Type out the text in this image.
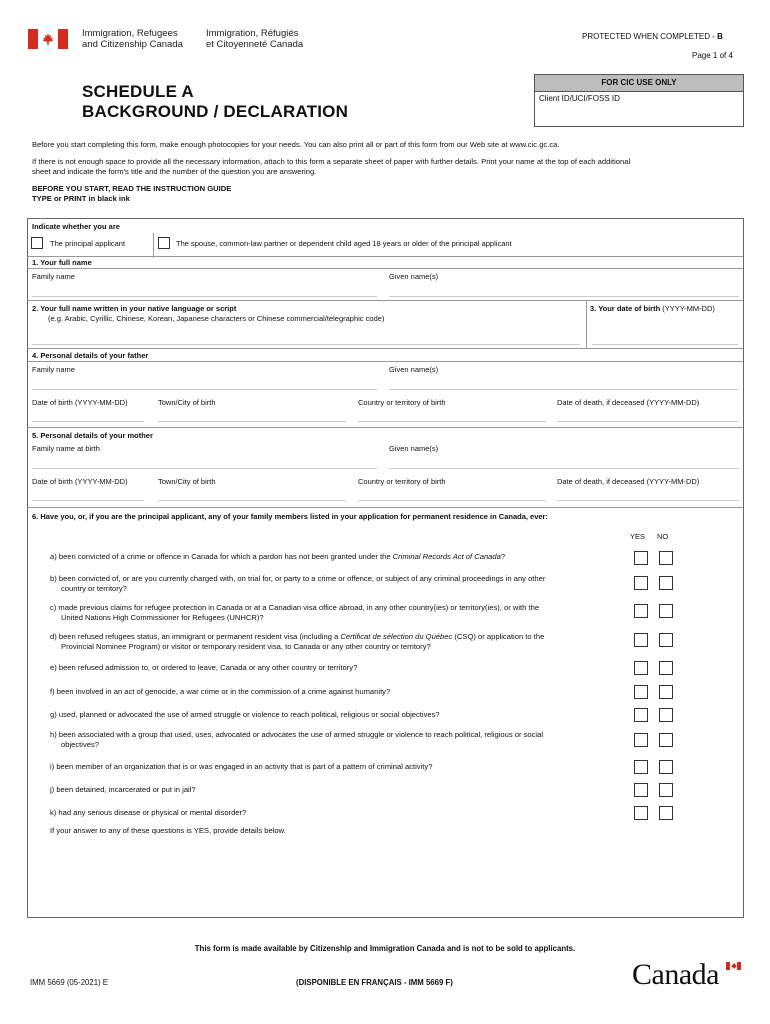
Immigration, Refugees
and Citizenship Canada
Immigration, Réfugiés
et Citoyenneté Canada
PROTECTED WHEN COMPLETED - B
Page 1 of 4
SCHEDULE A
BACKGROUND / DECLARATION
FOR CIC USE ONLY
Client ID/UCI/FOSS ID
Before you start completing this form, make enough photocopies for your needs. You can also print all or part of this form from our Web site at www.cic.gc.ca.
If there is not enough space to provide all the necessary information, attach to this form a separate sheet of paper with further details. Print your name at the top of each additional
sheet and indicate the form's title and the number of the question you are answering.
BEFORE YOU START, READ THE INSTRUCTION GUIDE
TYPE or PRINT in black ink
Indicate whether you are
The principal applicant	The spouse, common-law partner or dependent child aged 18 years or older of the principal applicant
1. Your full name
Family name	Given name(s)
2. Your full name written in your native language or script
(e.g. Arabic, Cyrillic, Chinese, Korean, Japanese characters or Chinese commercial/telegraphic code)
3. Your date of birth (YYYY-MM-DD)
4. Personal details of your father
Family name	Given name(s)
Date of birth (YYYY-MM-DD)	Town/City of birth	Country or territory of birth	Date of death, if deceased (YYYY-MM-DD)
5. Personal details of your mother
Family name at birth	Given name(s)
Date of birth (YYYY-MM-DD)	Town/City of birth	Country or territory of birth	Date of death, if deceased (YYYY-MM-DD)
6. Have you, or, if you are the principal applicant, any of your family members listed in your application for permanent residence in Canada, ever:
YES NO
a) been convicted of a crime or offence in Canada for which a pardon has not been granted under the Criminal Records Act of Canada?
b) been convicted of, or are you currently charged with, on trial for, or party to a crime or offence, or subject of any criminal proceedings in any other
country or territory?
c) made previous claims for refugee protection in Canada or at a Canadian visa office abroad, in any other country(ies) or territory(ies), or with the
United Nations High Commissioner for Refugees (UNHCR)?
d) been refused refugees status, an immigrant or permanent resident visa (including a Certificat de sélection du Québec (CSQ) or application to the
Provincial Nominee Program) or visitor or temporary resident visa, to Canada or any other country or territory?
e) been refused admission to, or ordered to leave, Canada or any other country or territory?
f) been involved in an act of genocide, a war crime or in the commission of a crime against humanity?
g) used, planned or advocated the use of armed struggle or violence to reach political, religious or social objectives?
h) been associated with a group that used, uses, advocated or advocates the use of armed struggle or violence to reach political, religious or social
objectives?
i) been member of an organization that is or was engaged in an activity that is part of a pattern of criminal activity?
j) been detained, incarcerated or put in jail?
k) had any serious disease or physical or mental disorder?
If your answer to any of these questions is YES, provide details below.
This form is made available by Citizenship and Immigration Canada and is not to be sold to applicants.
IMM 5669 (05-2021) E	(DISPONIBLE EN FRANÇAIS - IMM 5669 F)	Canada
